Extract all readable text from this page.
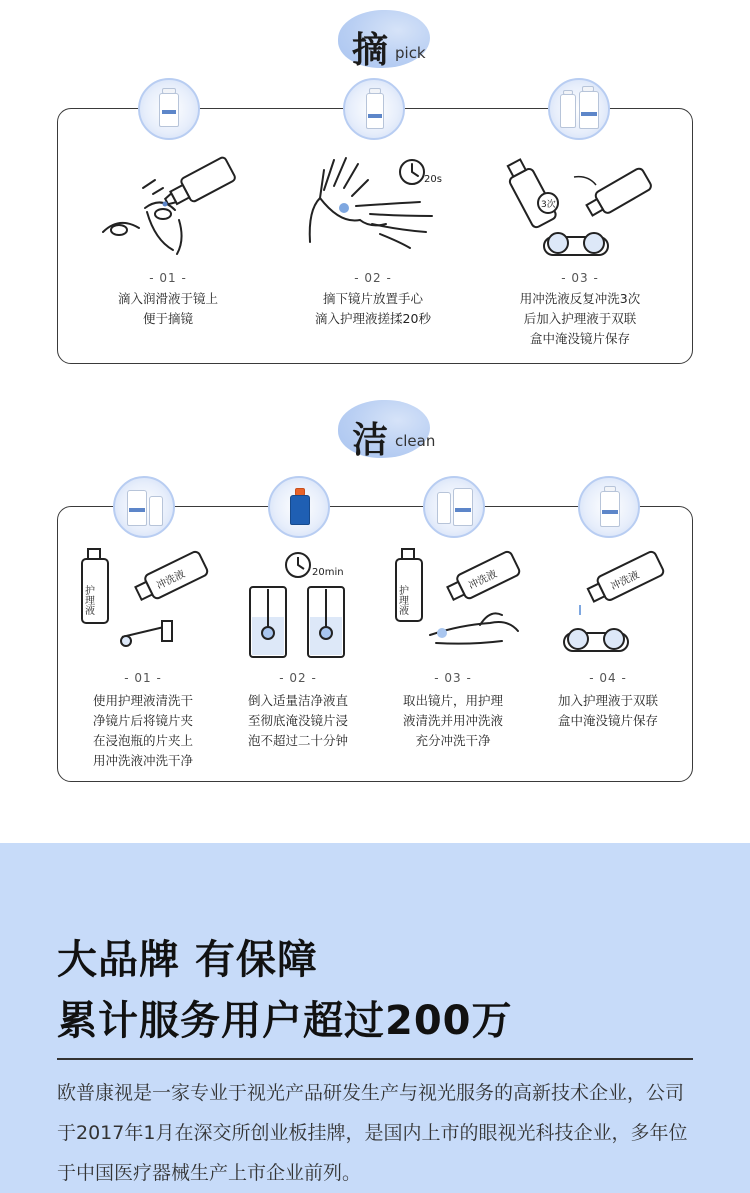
摘 pick
20s
3次
- 01 -
滴入润滑液于镜上
便于摘镜
- 02 -
摘下镜片放置手心
滴入护理液搓揉20秒
- 03 -
用冲洗液反复冲洗3次
后加入护理液于双联
盒中淹没镜片保存
洁 clean
护理液
冲洗液	20min
护理液
冲洗液	冲洗液
- 01 -
使用护理液清洗干
净镜片后将镜片夹
在浸泡瓶的片夹上
用冲洗液冲洗干净
- 02 -
倒入适量洁净液直
至彻底淹没镜片浸
泡不超过二十分钟
- 03 -
取出镜片，用护理
液清洗并用冲洗液
充分冲洗干净
- 04 -
加入护理液于双联
盒中淹没镜片保存
大品牌 有保障
累计服务用户超过200万
欧普康视是一家专业于视光产品研发生产与视光服务的高新技术企业，公司于2017年1月在深交所创业板挂牌，是国内上市的眼视光科技企业，多年位于中国医疗器械生产上市企业前列。
